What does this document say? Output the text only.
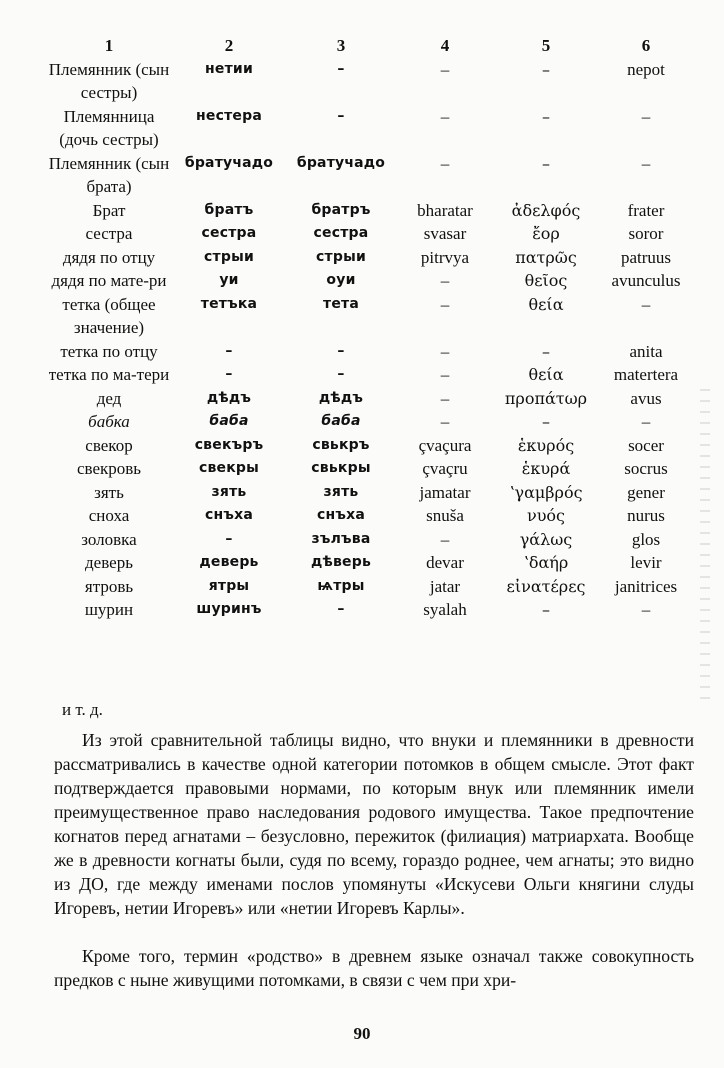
1	2	3	4	5	6
Племянник (сын сестры)	нетии	–	–	–	nepot
Племянница (дочь сестры)	нестера	–	–	–	–
Племянник (сын брата)	братучадо	братучадо	–	–	–
Брат	братъ	братръ	bharatar	ἀδελφός	frater
сестра	сестра	сестра	svasar	ἔορ	soror
дядя по отцу	стрыи	стрыи	pitrvya	πατρῶς	patruus
дядя по мате-ри	уи	оуи	–	θεῖος	avunculus
тетка (общее значение)	тетъка	тета	–	θεία	–
тетка по отцу	–	–	–	–	anita
тетка по ма-тери	–	–	–	θεία	matertera
дед	дѣдъ	дѣдъ	–	προπάτωρ	avus
бабка	баба	баба	–	–	–
свекор	свекъръ	свькръ	çvaçura	ἑκυρός	socer
свекровь	свекры	свькры	çvaçru	ἑκυρά	socrus
зять	зять	зять	jamatar	ʽγαμβρός	gener
сноха	снъха	снъха	snuša	νυός	nurus
золовка	–	зълъва	–	γάλως	glos
деверь	деверь	дѣверь	devar	ʽδαήρ	levir
ятровь	ятры	ѩтры	jatar	εἰνατέρες	janitrices
шурин	шуринъ	–	syalah	–	–
и т. д.

Из этой сравнительной таблицы видно, что внуки и племянники в древности рассматривались в качестве одной категории потомков в общем смысле. Этот факт подтверждается правовыми нормами, по которым внук или племянник имели преимущественное право наследования родового имущества. Такое предпочтение когнатов перед агнатами – безусловно, пережиток (филиация) матриархата. Вообще же в древности когнаты были, судя по всему, гораздо роднее, чем агнаты; это видно из ДО, где между именами послов упомянуты «Искусеви Ольги княгини слуды Игоревъ, нетии Игоревъ» или «нетии Игоревъ Карлы».

Кроме того, термин «родство» в древнем языке означал также совокупность предков с ныне живущими потомками, в связи с чем при хри-

90
